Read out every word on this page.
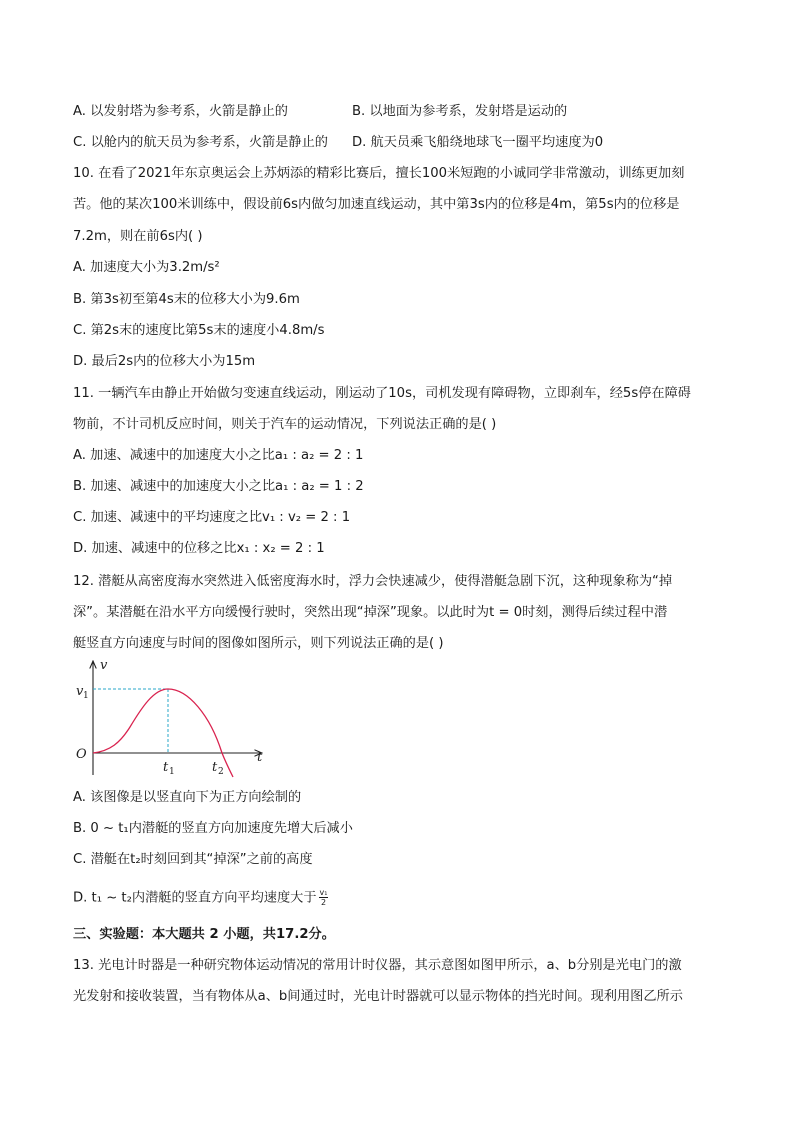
A. 以发射塔为参考系，火箭是静止的	B. 以地面为参考系，发射塔是运动的
C. 以舱内的航天员为参考系，火箭是静止的 D. 航天员乘飞船绕地球飞一圈平均速度为0
10. 在看了2021年东京奥运会上苏炳添的精彩比赛后，擅长100米短跑的小诚同学非常激动，训练更加刻
苦。他的某次100米训练中，假设前6s内做匀加速直线运动，其中第3s内的位移是4m，第5s内的位移是
7.2m，则在前6s内( )
A. 加速度大小为3.2m/s²
B. 第3s初至第4s末的位移大小为9.6m
C. 第2s末的速度比第5s末的速度小4.8m/s
D. 最后2s内的位移大小为15m
11. 一辆汽车由静止开始做匀变速直线运动，刚运动了10s，司机发现有障碍物，立即刹车，经5s停在障碍
物前，不计司机反应时间，则关于汽车的运动情况，下列说法正确的是( )
A. 加速、减速中的加速度大小之比a₁ : a₂ = 2 : 1
B. 加速、减速中的加速度大小之比a₁ : a₂ = 1 : 2
C. 加速、减速中的平均速度之比v₁ : v₂ = 2 : 1
D. 加速、减速中的位移之比x₁ : x₂ = 2 : 1
12. 潜艇从高密度海水突然进入低密度海水时，浮力会快速减少，使得潜艇急剧下沉，这种现象称为“掉
深”。某潜艇在沿水平方向缓慢行驶时，突然出现“掉深”现象。以此时为t = 0时刻，测得后续过程中潜
艇竖直方向速度与时间的图像如图所示，则下列说法正确的是( )
v
t
O
v 1
t 1	t 2
A. 该图像是以竖直向下为正方向绘制的
B. 0 ~ t₁内潜艇的竖直方向加速度先增大后减小
C. 潜艇在t₂时刻回到其“掉深”之前的高度
D. t₁ ~ t₂内潜艇的竖直方向平均速度大于 $\frac{\text{v₁}}{2}$
三、实验题：本大题共 2 小题，共17.2分。
13. 光电计时器是一种研究物体运动情况的常用计时仪器，其示意图如图甲所示，a、b分别是光电门的激
光发射和接收装置，当有物体从a、b间通过时，光电计时器就可以显示物体的挡光时间。现利用图乙所示
